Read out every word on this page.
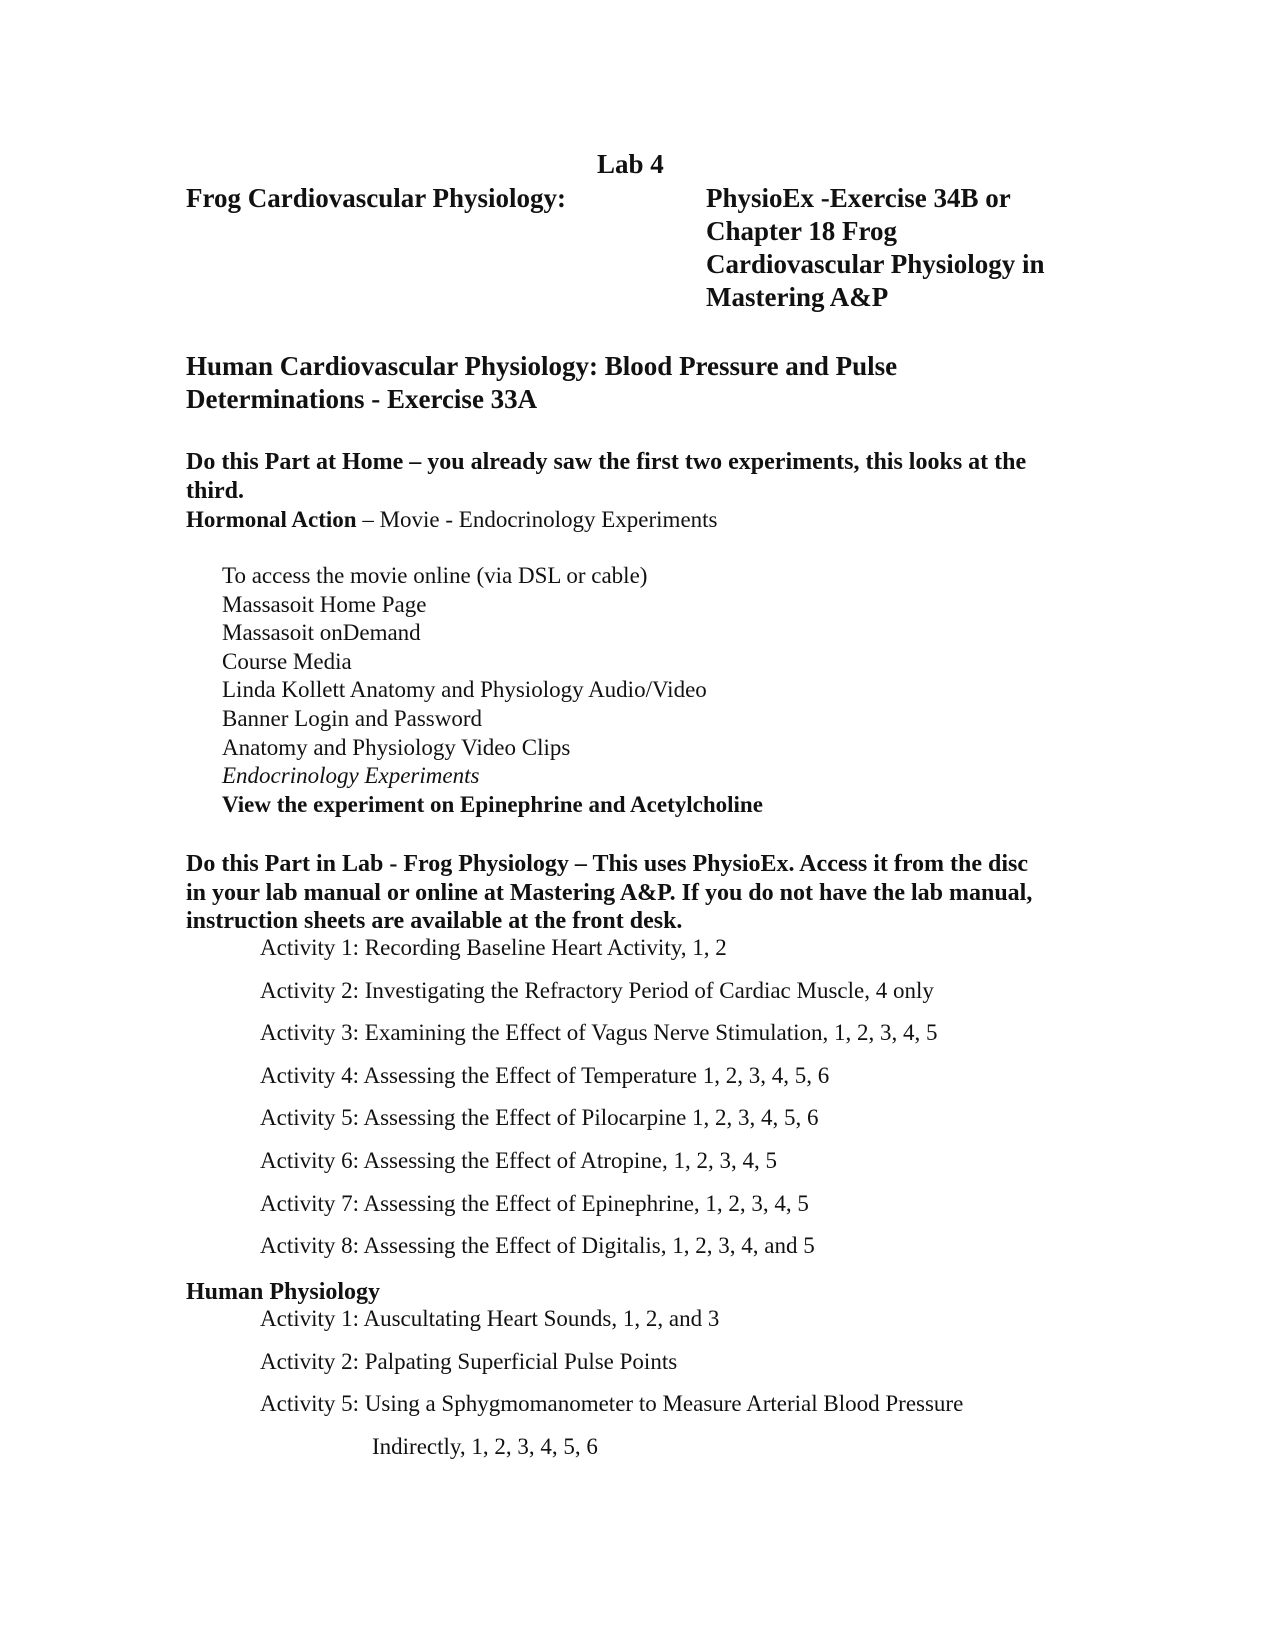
Lab 4
Frog Cardiovascular Physiology:	PhysioEx -Exercise 34B or
Chapter 18 Frog
Cardiovascular Physiology in
Mastering A&P
Human Cardiovascular Physiology: Blood Pressure and Pulse
Determinations - Exercise 33A
Do this Part at Home – you already saw the first two experiments, this looks at the
third.
Hormonal Action – Movie - Endocrinology Experiments
To access the movie online (via DSL or cable)
Massasoit Home Page
Massasoit onDemand
Course Media
Linda Kollett Anatomy and Physiology Audio/Video
Banner Login and Password
Anatomy and Physiology Video Clips
Endocrinology Experiments
View the experiment on Epinephrine and Acetylcholine
Do this Part in Lab - Frog Physiology – This uses PhysioEx. Access it from the disc
in your lab manual or online at Mastering A&P. If you do not have the lab manual,
instruction sheets are available at the front desk.
Activity 1: Recording Baseline Heart Activity, 1, 2
Activity 2: Investigating the Refractory Period of Cardiac Muscle, 4 only
Activity 3: Examining the Effect of Vagus Nerve Stimulation, 1, 2, 3, 4, 5
Activity 4: Assessing the Effect of Temperature 1, 2, 3, 4, 5, 6
Activity 5: Assessing the Effect of Pilocarpine 1, 2, 3, 4, 5, 6
Activity 6: Assessing the Effect of Atropine, 1, 2, 3, 4, 5
Activity 7: Assessing the Effect of Epinephrine, 1, 2, 3, 4, 5
Activity 8: Assessing the Effect of Digitalis, 1, 2, 3, 4, and 5
Human Physiology
Activity 1: Auscultating Heart Sounds, 1, 2, and 3
Activity 2: Palpating Superficial Pulse Points
Activity 5: Using a Sphygmomanometer to Measure Arterial Blood Pressure
Indirectly, 1, 2, 3, 4, 5, 6
